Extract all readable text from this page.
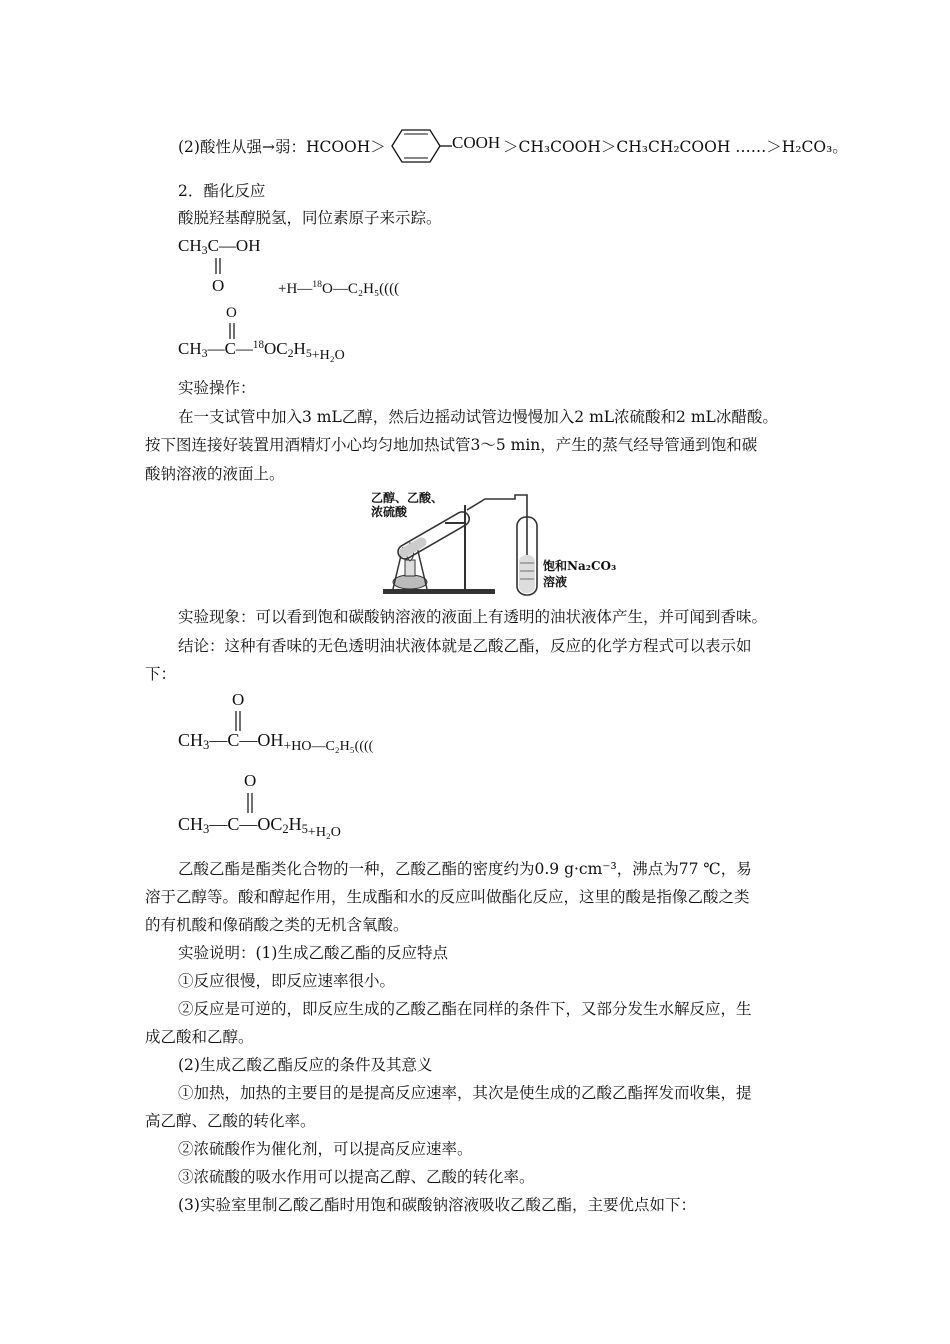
(2)酸性从强→弱：HCOOH＞	COOH ＞CH₃COOH＞CH₃CH₂COOH ……＞H₂CO₃。
2．酯化反应
酸脱羟基醇脱氢，同位素原子来示踪。
$CH_3C—OH$
O	+H—$^{18}$O—C₂H₅((((
O
$CH_3—C—^{18}OC_2H_{5+H_2O}$
实验操作：
在一支试管中加入3 mL乙醇，然后边摇动试管边慢慢加入2 mL浓硫酸和2 mL冰醋酸。
按下图连接好装置用酒精灯小心均匀地加热试管3～5 min，产生的蒸气经导管通到饱和碳
酸钠溶液的液面上。
乙醇、乙酸、
浓硫酸
饱和Na₂CO₃
溶液
实验现象：可以看到饱和碳酸钠溶液的液面上有透明的油状液体产生，并可闻到香味。
结论：这种有香味的无色透明油状液体就是乙酸乙酯，反应的化学方程式可以表示如
下：
O
$CH_3—C—OH_{+HO—C_2H_5((((}$
O
$CH_3—C—OC_2H_{5+H_2O}$
乙酸乙酯是酯类化合物的一种，乙酸乙酯的密度约为0.9 g·cm⁻³，沸点为77 ℃，易
溶于乙醇等。酸和醇起作用，生成酯和水的反应叫做酯化反应，这里的酸是指像乙酸之类
的有机酸和像硝酸之类的无机含氧酸。
实验说明：(1)生成乙酸乙酯的反应特点
①反应很慢，即反应速率很小。
②反应是可逆的，即反应生成的乙酸乙酯在同样的条件下，又部分发生水解反应，生
成乙酸和乙醇。
(2)生成乙酸乙酯反应的条件及其意义
①加热，加热的主要目的是提高反应速率，其次是使生成的乙酸乙酯挥发而收集，提
高乙醇、乙酸的转化率。
②浓硫酸作为催化剂，可以提高反应速率。
③浓硫酸的吸水作用可以提高乙醇、乙酸的转化率。
(3)实验室里制乙酸乙酯时用饱和碳酸钠溶液吸收乙酸乙酯，主要优点如下：
